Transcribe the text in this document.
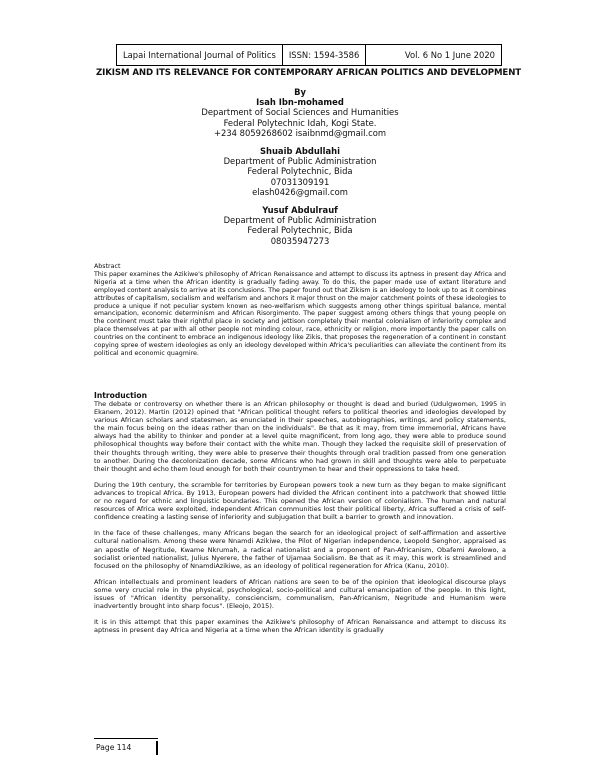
Lapai International Journal of Politics	ISSN: 1594-3586	Vol. 6 No 1 June 2020
ZIKISM AND ITS RELEVANCE FOR CONTEMPORARY AFRICAN POLITICS AND DEVELOPMENT
By
Isah Ibn-mohamed
Department of Social Sciences and Humanities
Federal Polytechnic Idah, Kogi State.
+234 8059268602 isaibnmd@gmail.com
Shuaib Abdullahi
Department of Public Administration
Federal Polytechnic, Bida
07031309191
elash0426@gmail.com
Yusuf Abdulrauf
Department of Public Administration
Federal Polytechnic, Bida
08035947273
Abstract
This paper examines the Azikiwe's philosophy of African Renaissance and attempt to discuss its aptness in present day Africa and Nigeria at a time when the African identity is gradually fading away. To do this, the paper made use of extant literature and employed content analysis to arrive at its conclusions. The paper found out that Zikism is an ideology to look up to as it combines attributes of capitalism, socialism and welfarism and anchors it major thrust on the major catchment points of these ideologies to produce a unique if not peculiar system known as neo-welfarism which suggests among other things spiritual balance, mental emancipation, economic determinism and African Risorgimento. The paper suggest among others things that young people on the continent must take their rightful place in society and jettison completely their mental colonialism of inferiority complex and place themselves at par with all other people not minding colour, race, ethnicity or religion, more importantly the paper calls on countries on the continent to embrace an indigenous ideology like Zikis, that proposes the regeneration of a continent in constant copying spree of western ideologies as only an ideology developed within Africa's peculiarities can alleviate the continent from its political and economic quagmire.
Introduction

The debate or controversy on whether there is an African philosophy or thought is dead and buried (Udulgwomen, 1995 in Ekanem, 2012). Martin (2012) opined that "African political thought refers to political theories and ideologies developed by various African scholars and statesmen, as enunciated in their speeches, autobiographies, writings, and policy statements, the main focus being on the ideas rather than on the individuals". Be that as it may, from time immemorial, Africans have always had the ability to thinker and ponder at a level quite magnificent, from long ago, they were able to produce sound philosophical thoughts way before their contact with the white man. Though they lacked the requisite skill of preservation of their thoughts through writing, they were able to preserve their thoughts through oral tradition passed from one generation to another. During the decolonization decade, some Africans who had grown in skill and thoughts were able to perpetuate their thought and echo them loud enough for both their countrymen to hear and their oppressions to take heed.

During the 19th century, the scramble for territories by European powers took a new turn as they began to make significant advances to tropical Africa. By 1913, European powers had divided the African continent into a patchwork that showed little or no regard for ethnic and linguistic boundaries. This opened the African version of colonialism. The human and natural resources of Africa were exploited, independent African communities lost their political liberty, Africa suffered a crisis of self-confidence creating a lasting sense of inferiority and subjugation that built a barrier to growth and innovation.

In the face of these challenges, many Africans began the search for an ideological project of self-affirmation and assertive cultural nationalism. Among these were Nnamdi Azikiwe, the Pilot of Nigerian independence, Leopold Senghor, appraised as an apostle of Negritude, Kwame Nkrumah, a radical nationalist and a proponent of Pan-Africanism, Obafemi Awolowo, a socialist oriented nationalist, Julius Nyerere, the father of Ujamaa Socialism. Be that as it may, this work is streamlined and focused on the philosophy of NnamdiAzikiwe, as an ideology of political regeneration for Africa (Kanu, 2010).

African intellectuals and prominent leaders of African nations are seen to be of the opinion that ideological discourse plays some very crucial role in the physical, psychological, socio-political and cultural emancipation of the people. In this light, issues of "African identity personality, consciencism, communalism, Pan-Africanism, Negritude and Humanism were inadvertently brought into sharp focus". (Eleojo, 2015).

It is in this attempt that this paper examines the Azikiwe's philosophy of African Renaissance and attempt to discuss its aptness in present day Africa and Nigeria at a time when the African identity is gradually

Page 114
